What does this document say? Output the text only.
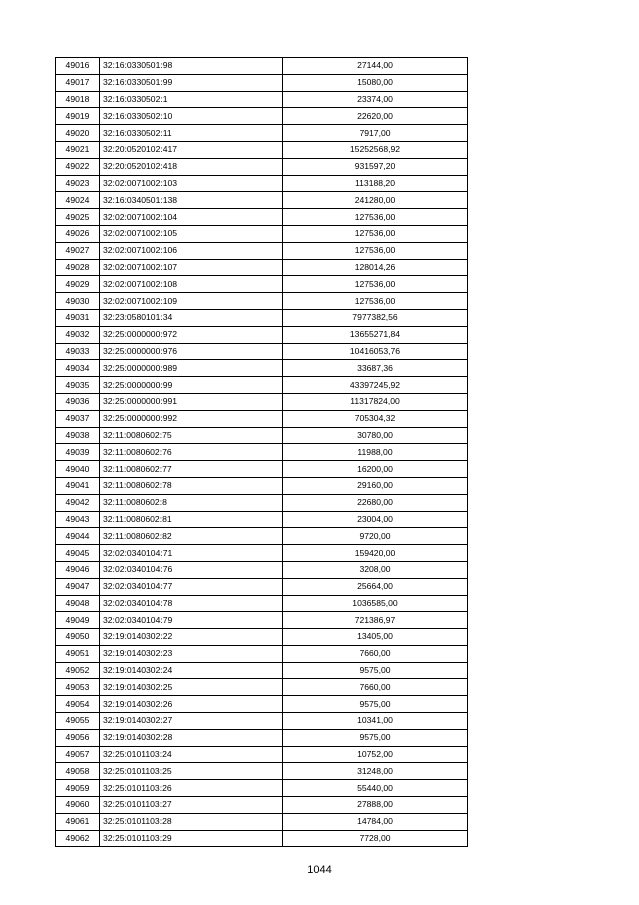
49016	32:16:0330501:98	27144,00
49017	32:16:0330501:99	15080,00
49018	32:16:0330502:1	23374,00
49019	32:16:0330502:10	22620,00
49020	32:16:0330502:11	7917,00
49021	32:20:0520102:417	15252568,92
49022	32:20:0520102:418	931597,20
49023	32:02:0071002:103	113188,20
49024	32:16:0340501:138	241280,00
49025	32:02:0071002:104	127536,00
49026	32:02:0071002:105	127536,00
49027	32:02:0071002:106	127536,00
49028	32:02:0071002:107	128014,26
49029	32:02:0071002:108	127536,00
49030	32:02:0071002:109	127536,00
49031	32:23:0580101:34	7977382,56
49032	32:25:0000000:972	13655271,84
49033	32:25:0000000:976	10416053,76
49034	32:25:0000000:989	33687,36
49035	32:25:0000000:99	43397245,92
49036	32:25:0000000:991	11317824,00
49037	32:25:0000000:992	705304,32
49038	32:11:0080602:75	30780,00
49039	32:11:0080602:76	11988,00
49040	32:11:0080602:77	16200,00
49041	32:11:0080602:78	29160,00
49042	32:11:0080602:8	22680,00
49043	32:11:0080602:81	23004,00
49044	32:11:0080602:82	9720,00
49045	32:02:0340104:71	159420,00
49046	32:02:0340104:76	3208,00
49047	32:02:0340104:77	25664,00
49048	32:02:0340104:78	1036585,00
49049	32:02:0340104:79	721386,97
49050	32:19:0140302:22	13405,00
49051	32:19:0140302:23	7660,00
49052	32:19:0140302:24	9575,00
49053	32:19:0140302:25	7660,00
49054	32:19:0140302:26	9575,00
49055	32:19:0140302:27	10341,00
49056	32:19:0140302:28	9575,00
49057	32:25:0101103:24	10752,00
49058	32:25:0101103:25	31248,00
49059	32:25:0101103:26	55440,00
49060	32:25:0101103:27	27888,00
49061	32:25:0101103:28	14784,00
49062	32:25:0101103:29	7728,00
1044
